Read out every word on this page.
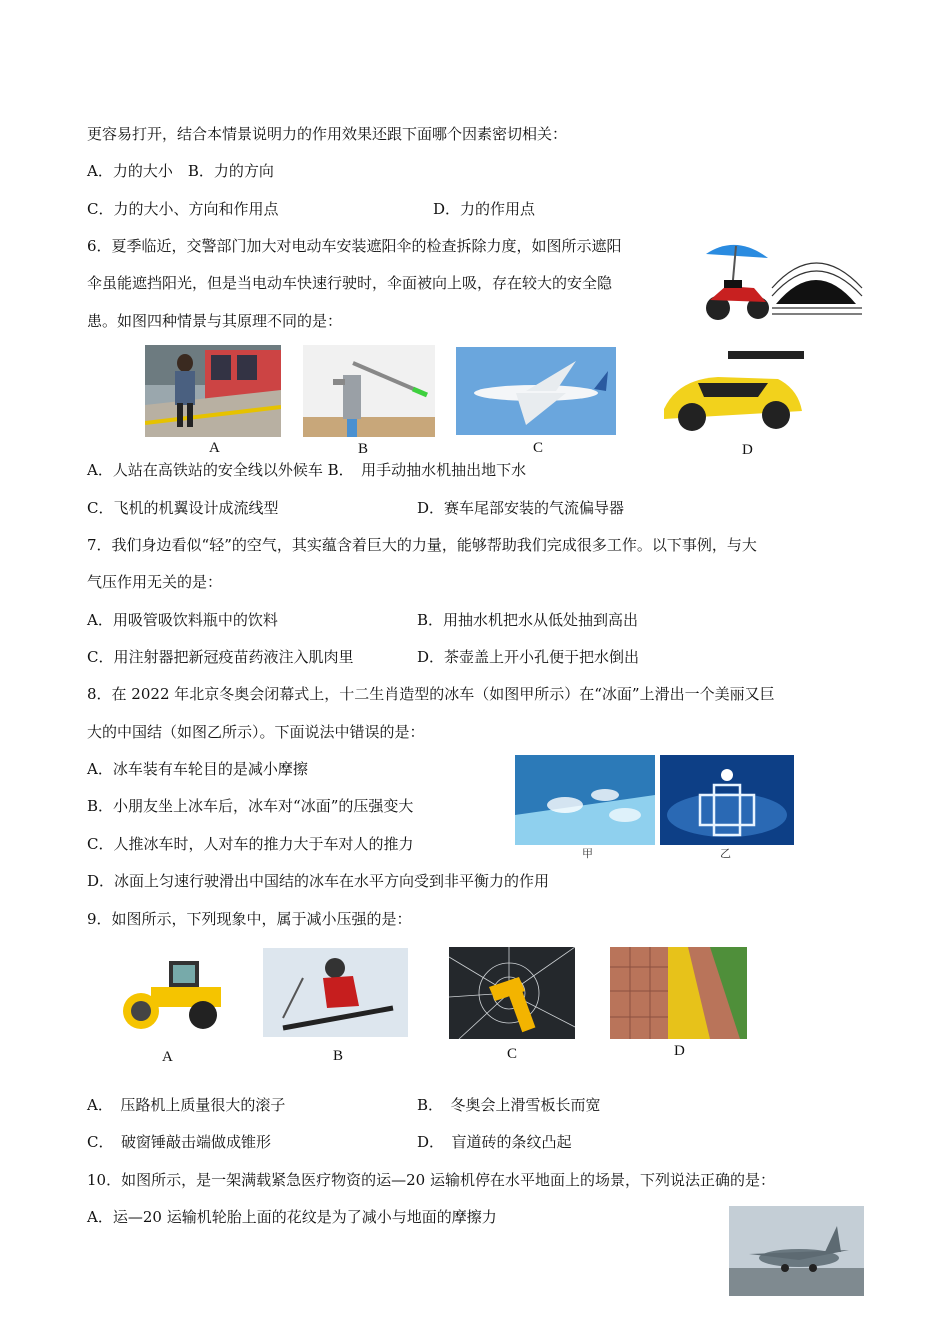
更容易打开，结合本情景说明力的作用效果还跟下面哪个因素密切相关：
A．力的大小　B．力的方向
C．力的大小、方向和作用点	D．力的作用点
6．夏季临近，交警部门加大对电动车安装遮阳伞的检查拆除力度，如图所示遮阳
伞虽能遮挡阳光，但是当电动车快速行驶时，伞面被向上吸，存在较大的安全隐
患。如图四种情景与其原理不同的是：
A	B	C	D
A．人站在高铁站的安全线以外候车 B．　用手动抽水机抽出地下水
C．飞机的机翼设计成流线型	D．赛车尾部安装的气流偏导器
7．我们身边看似“轻”的空气，其实蕴含着巨大的力量，能够帮助我们完成很多工作。以下事例，与大
气压作用无关的是：
A．用吸管吸饮料瓶中的饮料	B．用抽水机把水从低处抽到高出
C．用注射器把新冠疫苗药液注入肌肉里	D．茶壶盖上开小孔便于把水倒出
8．在 2022 年北京冬奥会闭幕式上，十二生肖造型的冰车（如图甲所示）在“冰面”上滑出一个美丽又巨
大的中国结（如图乙所示）。下面说法中错误的是：
A．冰车装有车轮目的是减小摩擦
B．小朋友坐上冰车后，冰车对“冰面”的压强变大
C．人推冰车时，人对车的推力大于车对人的推力
D．冰面上匀速行驶滑出中国结的冰车在水平方向受到非平衡力的作用
甲	乙
9．如图所示，下列现象中，属于减小压强的是：
A	B	C	D
A．　压路机上质量很大的滚子	B．　冬奥会上滑雪板长而宽
C．　破窗锤敲击端做成锥形	D．　盲道砖的条纹凸起
10．如图所示，是一架满载紧急医疗物资的运—20 运输机停在水平地面上的场景，下列说法正确的是：
A．运—20 运输机轮胎上面的花纹是为了减小与地面的摩擦力
